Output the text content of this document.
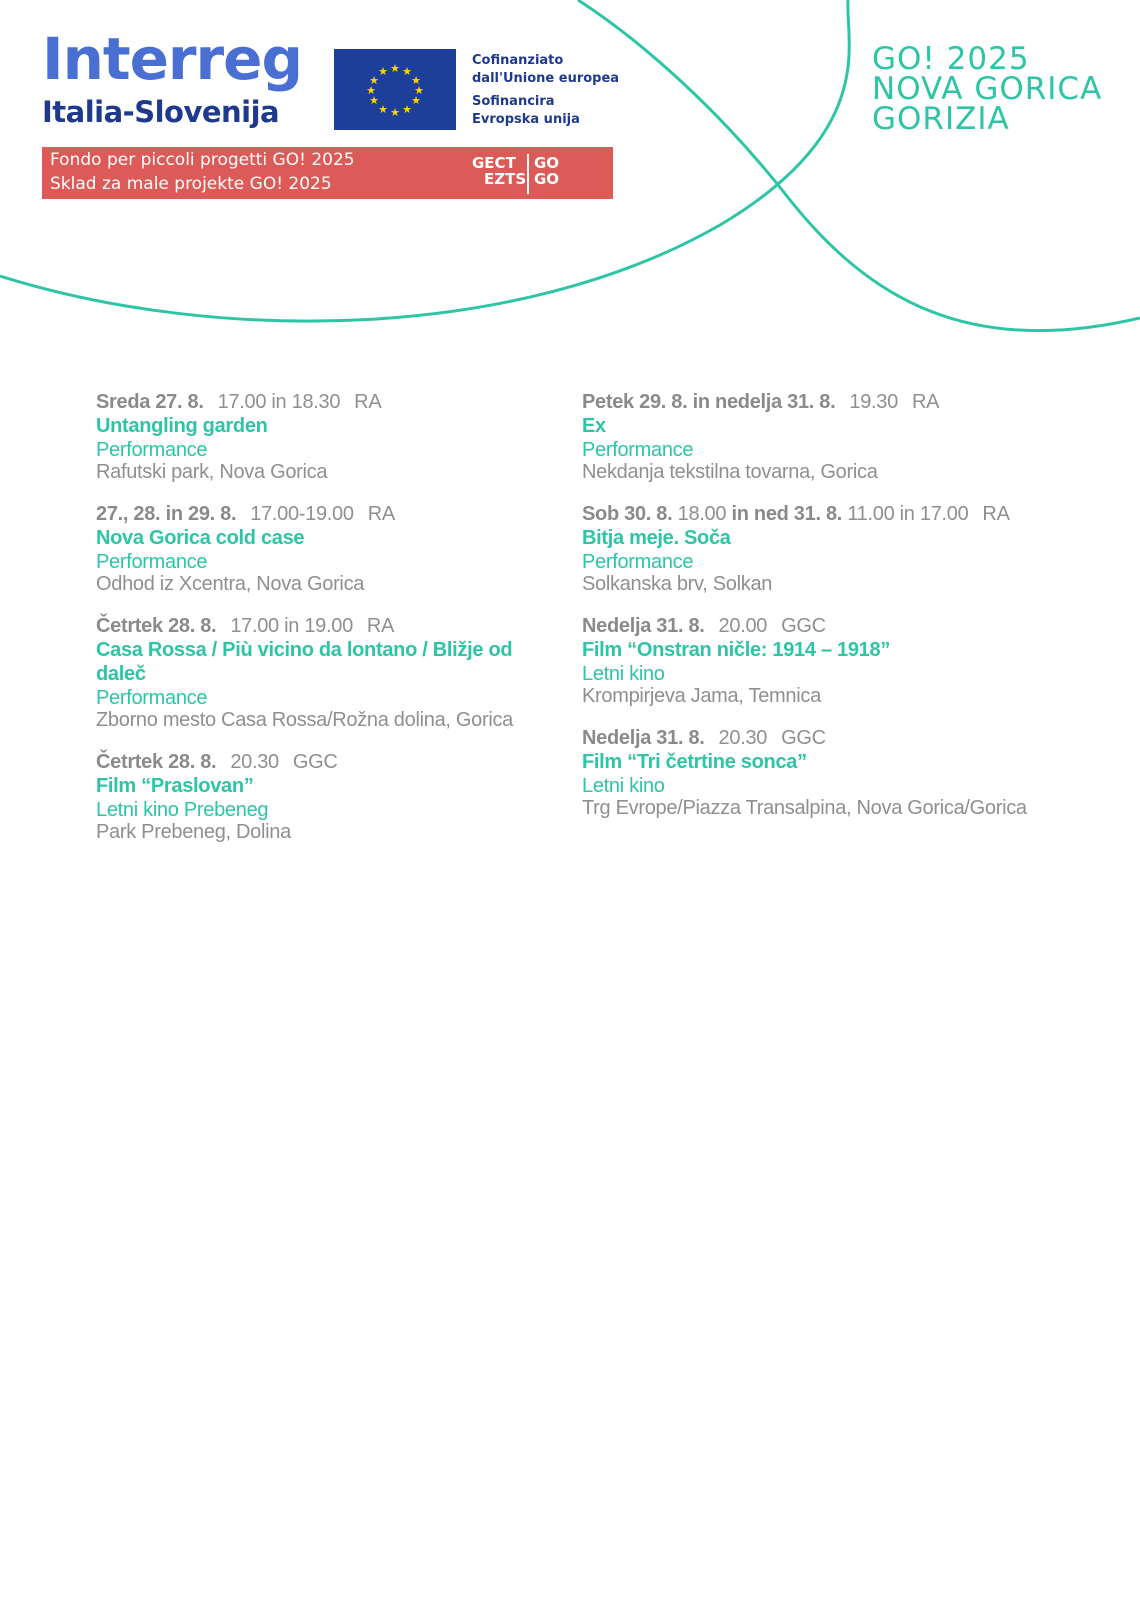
Interreg
Italia-Slovenija
★ ★
★
★
★
★
★
★
★
★
★
★
Cofinanziato
dall'Unione europea
Sofinancira
Evropska unija
Fondo per piccoli progetti GO! 2025
Sklad za male projekte GO! 2025
GECT
EZTS
GO
GO
GO! 2025
NOVA GORICA
GORIZIA
Sreda 27. 8. 17.00 in 18.30 RA
Untangling garden
Performance
Rafutski park, Nova Gorica
27., 28. in 29. 8. 17.00-19.00 RA
Nova Gorica cold case
Performance
Odhod iz Xcentra, Nova Gorica
Četrtek 28. 8. 17.00 in 19.00 RA
Casa Rossa / Più vicino da lontano / Bližje od daleč
Performance
Zborno mesto Casa Rossa/Rožna dolina, Gorica
Četrtek 28. 8. 20.30 GGC
Film “Praslovan”
Letni kino Prebeneg
Park Prebeneg, Dolina
Petek 29. 8. in nedelja 31. 8. 19.30 RA
Ex
Performance
Nekdanja tekstilna tovarna, Gorica
Sob 30. 8. 18.00 in ned 31. 8. 11.00 in 17.00 RA
Bitja meje. Soča
Performance
Solkanska brv, Solkan
Nedelja 31. 8. 20.00 GGC
Film “Onstran ničle: 1914 – 1918”
Letni kino
Krompirjeva Jama, Temnica
Nedelja 31. 8. 20.30 GGC
Film “Tri četrtine sonca”
Letni kino
Trg Evrope/Piazza Transalpina, Nova Gorica/Gorica
